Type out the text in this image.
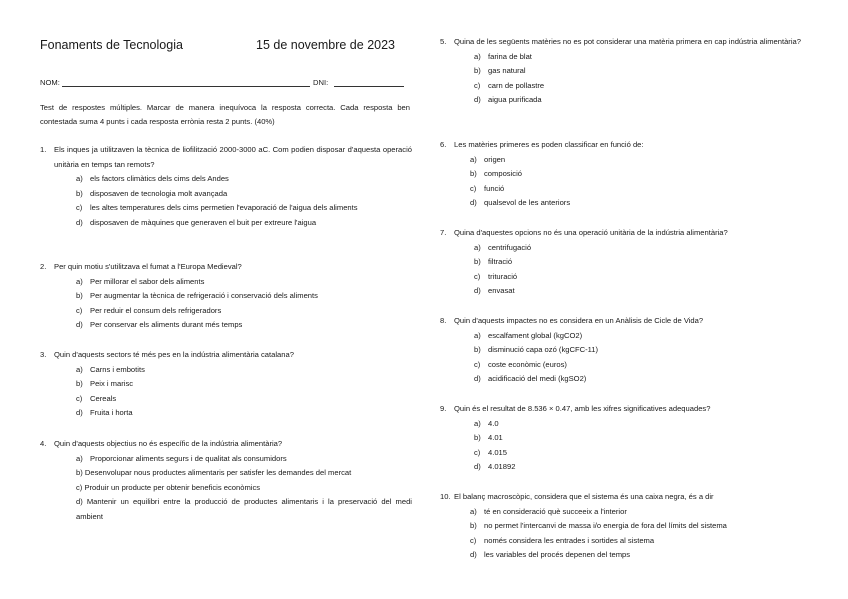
Fonaments de Tecnologia	15 de novembre de 2023
NOM:	DNI:
Test de respostes múltiples. Marcar de manera inequívoca la resposta correcta. Cada resposta ben contestada suma 4 punts i cada resposta errònia resta 2 punts. (40%)
1.	Els inques ja utilitzaven la tècnica de liofilització 2000-3000 aC. Com podien disposar d'aquesta operació unitària en temps tan remots?
a) els factors climàtics dels cims dels Andes
b) disposaven de tecnologia molt avançada
c)	les altes temperatures dels cims permetien l'evaporació de l'aigua dels aliments
d) disposaven de màquines que generaven el buit per extreure l'aigua
2.	Per quin motiu s'utilitzava el fumat a l'Europa Medieval?
a) Per millorar el sabor dels aliments
b) Per augmentar la tècnica de refrigeració i conservació dels aliments
c)	Per reduir el consum dels refrigeradors
d) Per conservar els aliments durant més temps
3.	Quin d'aquests sectors té més pes en la indústria alimentària catalana?
a) Carns i embotits
b) Peix i marisc
c)	Cereals
d) Fruita i horta
4.	Quin d'aquests objectius no és específic de la indústria alimentària?
a) Proporcionar aliments segurs i de qualitat als consumidors
b) Desenvolupar nous productes alimentaris per satisfer les demandes del mercat
c) Produir un producte per obtenir beneficis econòmics
d) Mantenir un equilibri entre la producció de productes alimentaris i la preservació del medi ambient
5.	Quina de les següents matèries no es pot considerar una matèria primera en cap indústria alimentària?
a) farina de blat
b) gas natural
c)	carn de pollastre
d) aigua purificada
6.	Les matèries primeres es poden classificar en funció de:
a) origen
b) composició
c)	funció
d) qualsevol de les anteriors
7.	Quina d'aquestes opcions no és una operació unitària de la indústria alimentària?
a) centrifugació
b) filtració
c)	trituració
d) envasat
8.	Quin d'aquests impactes no es considera en un Anàlisis de Cicle de Vida?
a) escalfament global (kgCO2)
b) disminució capa ozó (kgCFC-11)
c)	coste econòmic (euros)
d) acidificació del medi (kgSO2)
9.	Quin és el resultat de 8.536 × 0.47, amb les xifres significatives adequades?
a) 4.0
b) 4.01
c)	4.015
d) 4.01892
10. El balanç macroscòpic, considera que el sistema és una caixa negra, és a dir
a) té en consideració què succeeix a l'interior
b) no permet l'intercanvi de massa i/o energia de fora del límits del sistema
c)	només considera les entrades i sortides al sistema
d) les variables del procés depenen del temps
